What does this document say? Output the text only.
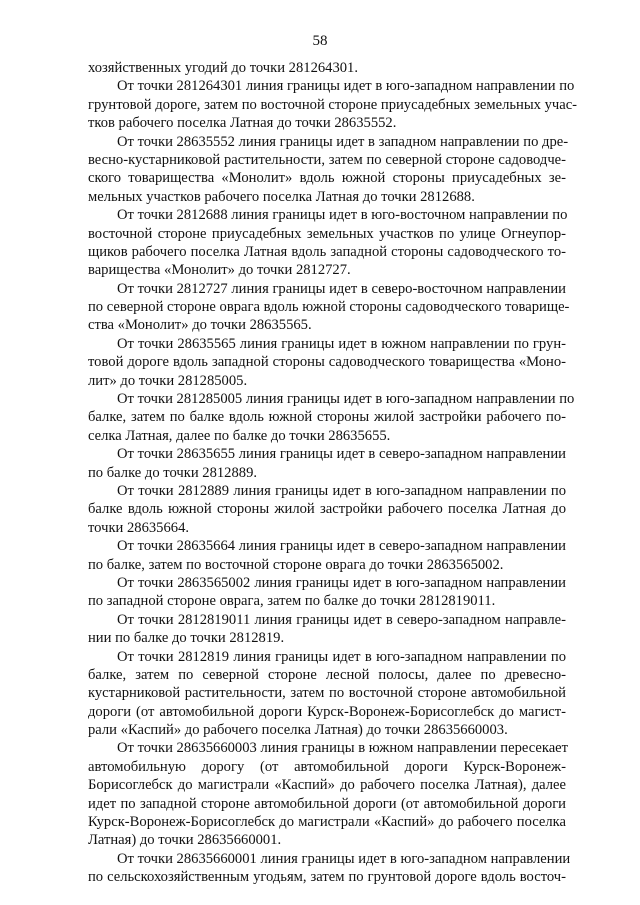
58
хозяйственных угодий до точки 281264301.
От точки 281264301 линия границы идет в юго-западном направлении по
грунтовой дороге, затем по восточной стороне приусадебных земельных учас-
тков рабочего поселка Латная до точки 28635552.
От точки 28635552 линия границы идет в западном направлении по дре-
весно-кустарниковой растительности, затем по северной стороне садоводче-
ского товарищества «Монолит» вдоль южной стороны приусадебных зе-
мельных участков рабочего поселка Латная до точки 2812688.
От точки 2812688 линия границы идет в юго-восточном направлении по
восточной стороне приусадебных земельных участков по улице Огнеупор-
щиков рабочего поселка Латная вдоль западной стороны садоводческого то-
варищества «Монолит» до точки 2812727.
От точки 2812727 линия границы идет в северо-восточном направлении
по северной стороне оврага вдоль южной стороны садоводческого товарище-
ства «Монолит» до точки 28635565.
От точки 28635565 линия границы идет в южном направлении по грун-
товой дороге вдоль западной стороны садоводческого товарищества «Моно-
лит» до точки 281285005.
От точки 281285005 линия границы идет в юго-западном направлении по
балке, затем по балке вдоль южной стороны жилой застройки рабочего по-
селка Латная, далее по балке до точки 28635655.
От точки 28635655 линия границы идет в северо-западном направлении
по балке до точки 2812889.
От точки 2812889 линия границы идет в юго-западном направлении по
балке вдоль южной стороны жилой застройки рабочего поселка Латная до
точки 28635664.
От точки 28635664 линия границы идет в северо-западном направлении
по балке, затем по восточной стороне оврага до точки 2863565002.
От точки 2863565002 линия границы идет в юго-западном направлении
по западной стороне оврага, затем по балке до точки 2812819011.
От точки 2812819011 линия границы идет в северо-западном направле-
нии по балке до точки 2812819.
От точки 2812819 линия границы идет в юго-западном направлении по
балке, затем по северной стороне лесной полосы, далее по древесно-
кустарниковой растительности, затем по восточной стороне автомобильной
дороги (от автомобильной дороги Курск-Воронеж-Борисоглебск до магист-
рали «Каспий» до рабочего поселка Латная) до точки 28635660003.
От точки 28635660003 линия границы в южном направлении пересекает
автомобильную дорогу (от автомобильной дороги Курск-Воронеж-
Борисоглебск до магистрали «Каспий» до рабочего поселка Латная), далее
идет по западной стороне автомобильной дороги (от автомобильной дороги
Курск-Воронеж-Борисоглебск до магистрали «Каспий» до рабочего поселка
Латная) до точки 28635660001.
От точки 28635660001 линия границы идет в юго-западном направлении
по сельскохозяйственным угодьям, затем по грунтовой дороге вдоль восточ-
